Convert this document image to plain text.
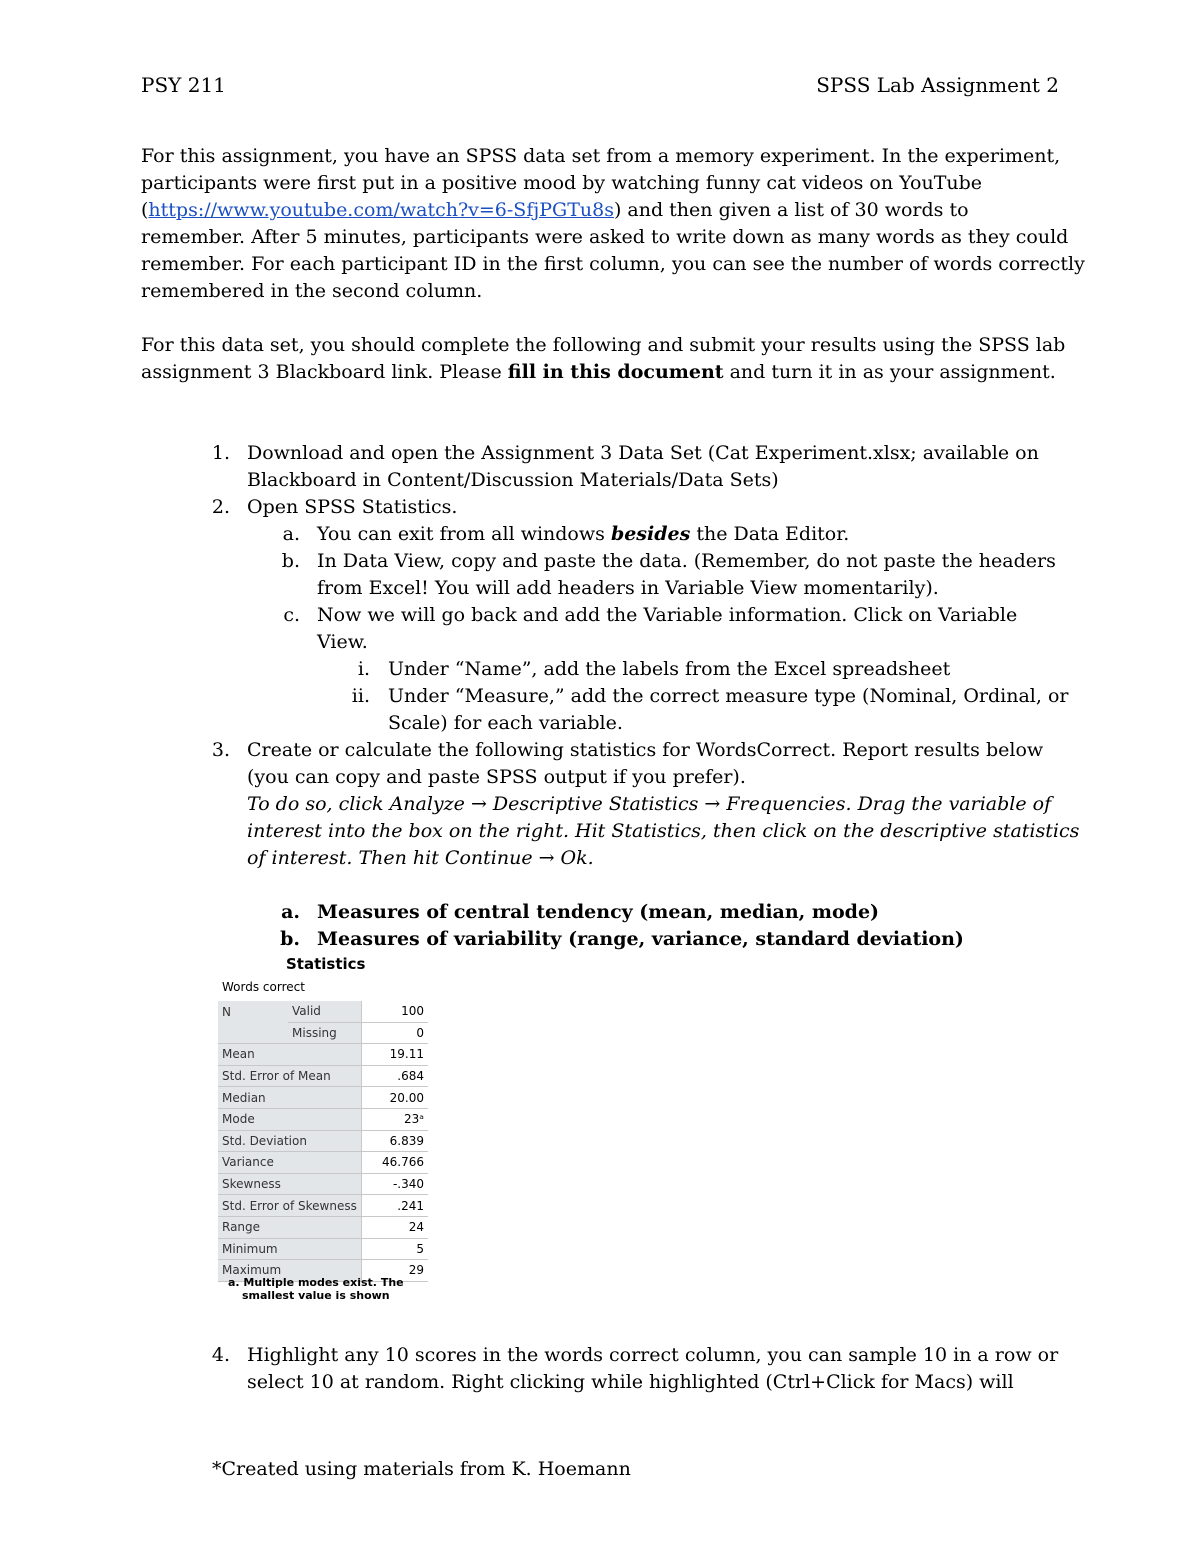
PSY 211	SPSS Lab Assignment 2
For this assignment, you have an SPSS data set from a memory experiment. In the experiment,
participants were first put in a positive mood by watching funny cat videos on YouTube
(https://www.youtube.com/watch?v=6-SfjPGTu8s) and then given a list of 30 words to
remember. After 5 minutes, participants were asked to write down as many words as they could
remember. For each participant ID in the first column, you can see the number of words correctly
remembered in the second column.
For this data set, you should complete the following and submit your results using the SPSS lab
assignment 3 Blackboard link. Please fill in this document and turn it in as your assignment.
1. Download and open the Assignment 3 Data Set (Cat Experiment.xlsx; available on
Blackboard in Content/Discussion Materials/Data Sets)
2. Open SPSS Statistics.
a. You can exit from all windows besides the Data Editor.
b. In Data View, copy and paste the data. (Remember, do not paste the headers
from Excel! You will add headers in Variable View momentarily).
c. Now we will go back and add the Variable information. Click on Variable
View.
i. Under “Name”, add the labels from the Excel spreadsheet
ii. Under “Measure,” add the correct measure type (Nominal, Ordinal, or
Scale) for each variable.
3. Create or calculate the following statistics for WordsCorrect. Report results below
(you can copy and paste SPSS output if you prefer).
To do so, click Analyze → Descriptive Statistics → Frequencies. Drag the variable of
interest into the box on the right. Hit Statistics, then click on the descriptive statistics
of interest. Then hit Continue → Ok.
a. Measures of central tendency (mean, median, mode)
b. Measures of variability (range, variance, standard deviation)
Statistics
Words correct
N	Valid	100
	Missing	0
Mean		19.11
Std. Error of Mean		.684
Median		20.00
Mode		23ᵃ
Std. Deviation		6.839
Variance		46.766
Skewness		-.340
Std. Error of Skewness		.241
Range		24
Minimum		5
Maximum		29
a. Multiple modes exist. The
smallest value is shown
4. Highlight any 10 scores in the words correct column, you can sample 10 in a row or
select 10 at random. Right clicking while highlighted (Ctrl+Click for Macs) will
*Created using materials from K. Hoemann
